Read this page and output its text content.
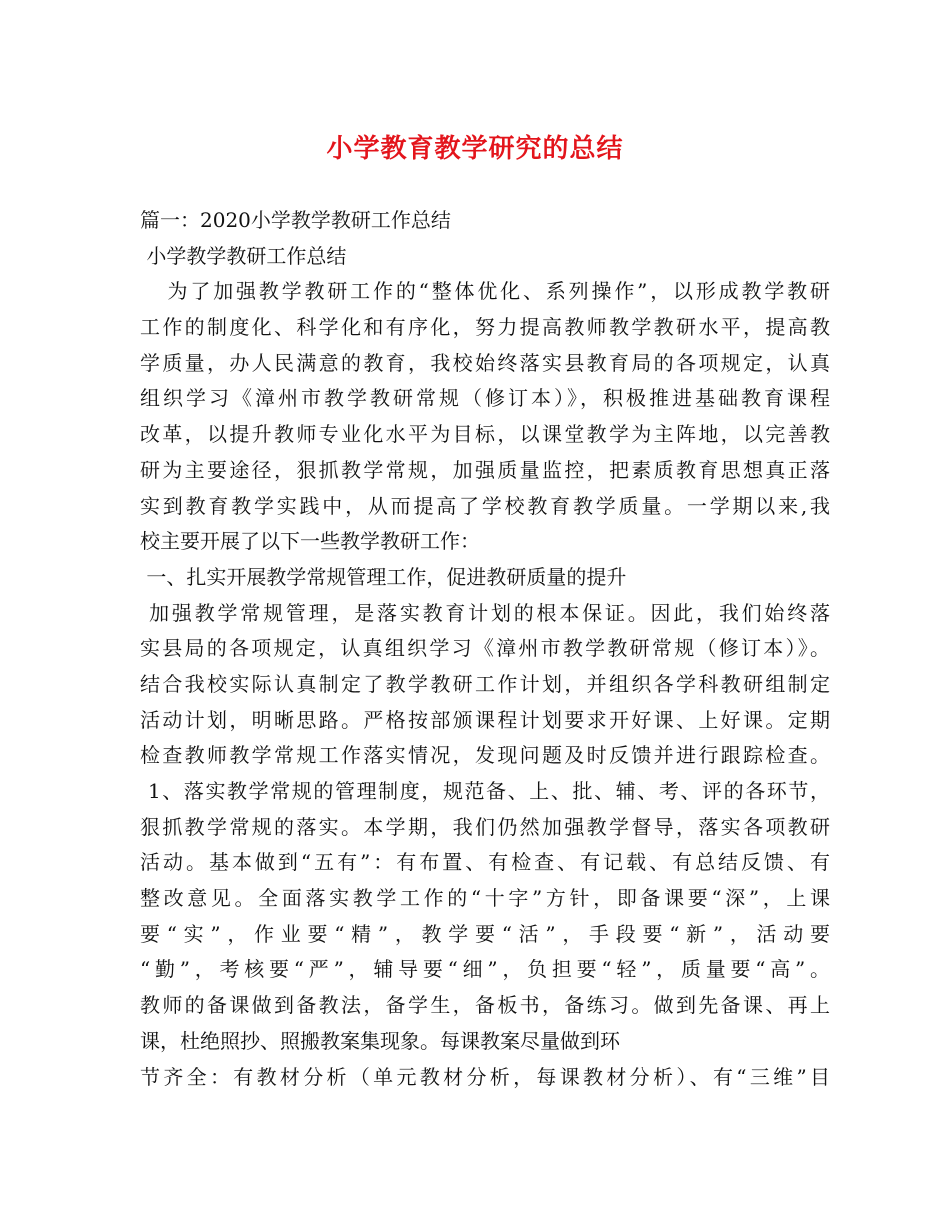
小学教育教学研究的总结
篇一：2020小学教学教研工作总结
小学教学教研工作总结
为了加强教学教研工作的“整体优化、系列操作”，以形成教学教研
工作的制度化、科学化和有序化，努力提高教师教学教研水平，提高教
学质量，办人民满意的教育，我校始终落实县教育局的各项规定，认真
组织学习《漳州市教学教研常规（修订本）》，积极推进基础教育课程
改革，以提升教师专业化水平为目标，以课堂教学为主阵地，以完善教
研为主要途径，狠抓教学常规，加强质量监控，把素质教育思想真正落
实到教育教学实践中，从而提高了学校教育教学质量。一学期以来,我
校主要开展了以下一些教学教研工作：
一、扎实开展教学常规管理工作，促进教研质量的提升
加强教学常规管理，是落实教育计划的根本保证。因此，我们始终落
实县局的各项规定，认真组织学习《漳州市教学教研常规（修订本）》。
结合我校实际认真制定了教学教研工作计划，并组织各学科教研组制定
活动计划，明晰思路。严格按部颁课程计划要求开好课、上好课。定期
检查教师教学常规工作落实情况，发现问题及时反馈并进行跟踪检查。
1、落实教学常规的管理制度，规范备、上、批、辅、考、评的各环节，
狠抓教学常规的落实。本学期，我们仍然加强教学督导，落实各项教研
活动。基本做到“五有”：有布置、有检查、有记载、有总结反馈、有
整改意见。全面落实教学工作的“十字”方针，即备课要“深”，上课
要“实”，作业要“精”，教学要“活”，手段要“新”，活动要
“勤”，考核要“严”，辅导要“细”，负担要“轻”，质量要“高”。
教师的备课做到备教法，备学生，备板书，备练习。做到先备课、再上
课，杜绝照抄、照搬教案集现象。每课教案尽量做到环
节齐全：有教材分析（单元教材分析，每课教材分析）、有“三维”目
